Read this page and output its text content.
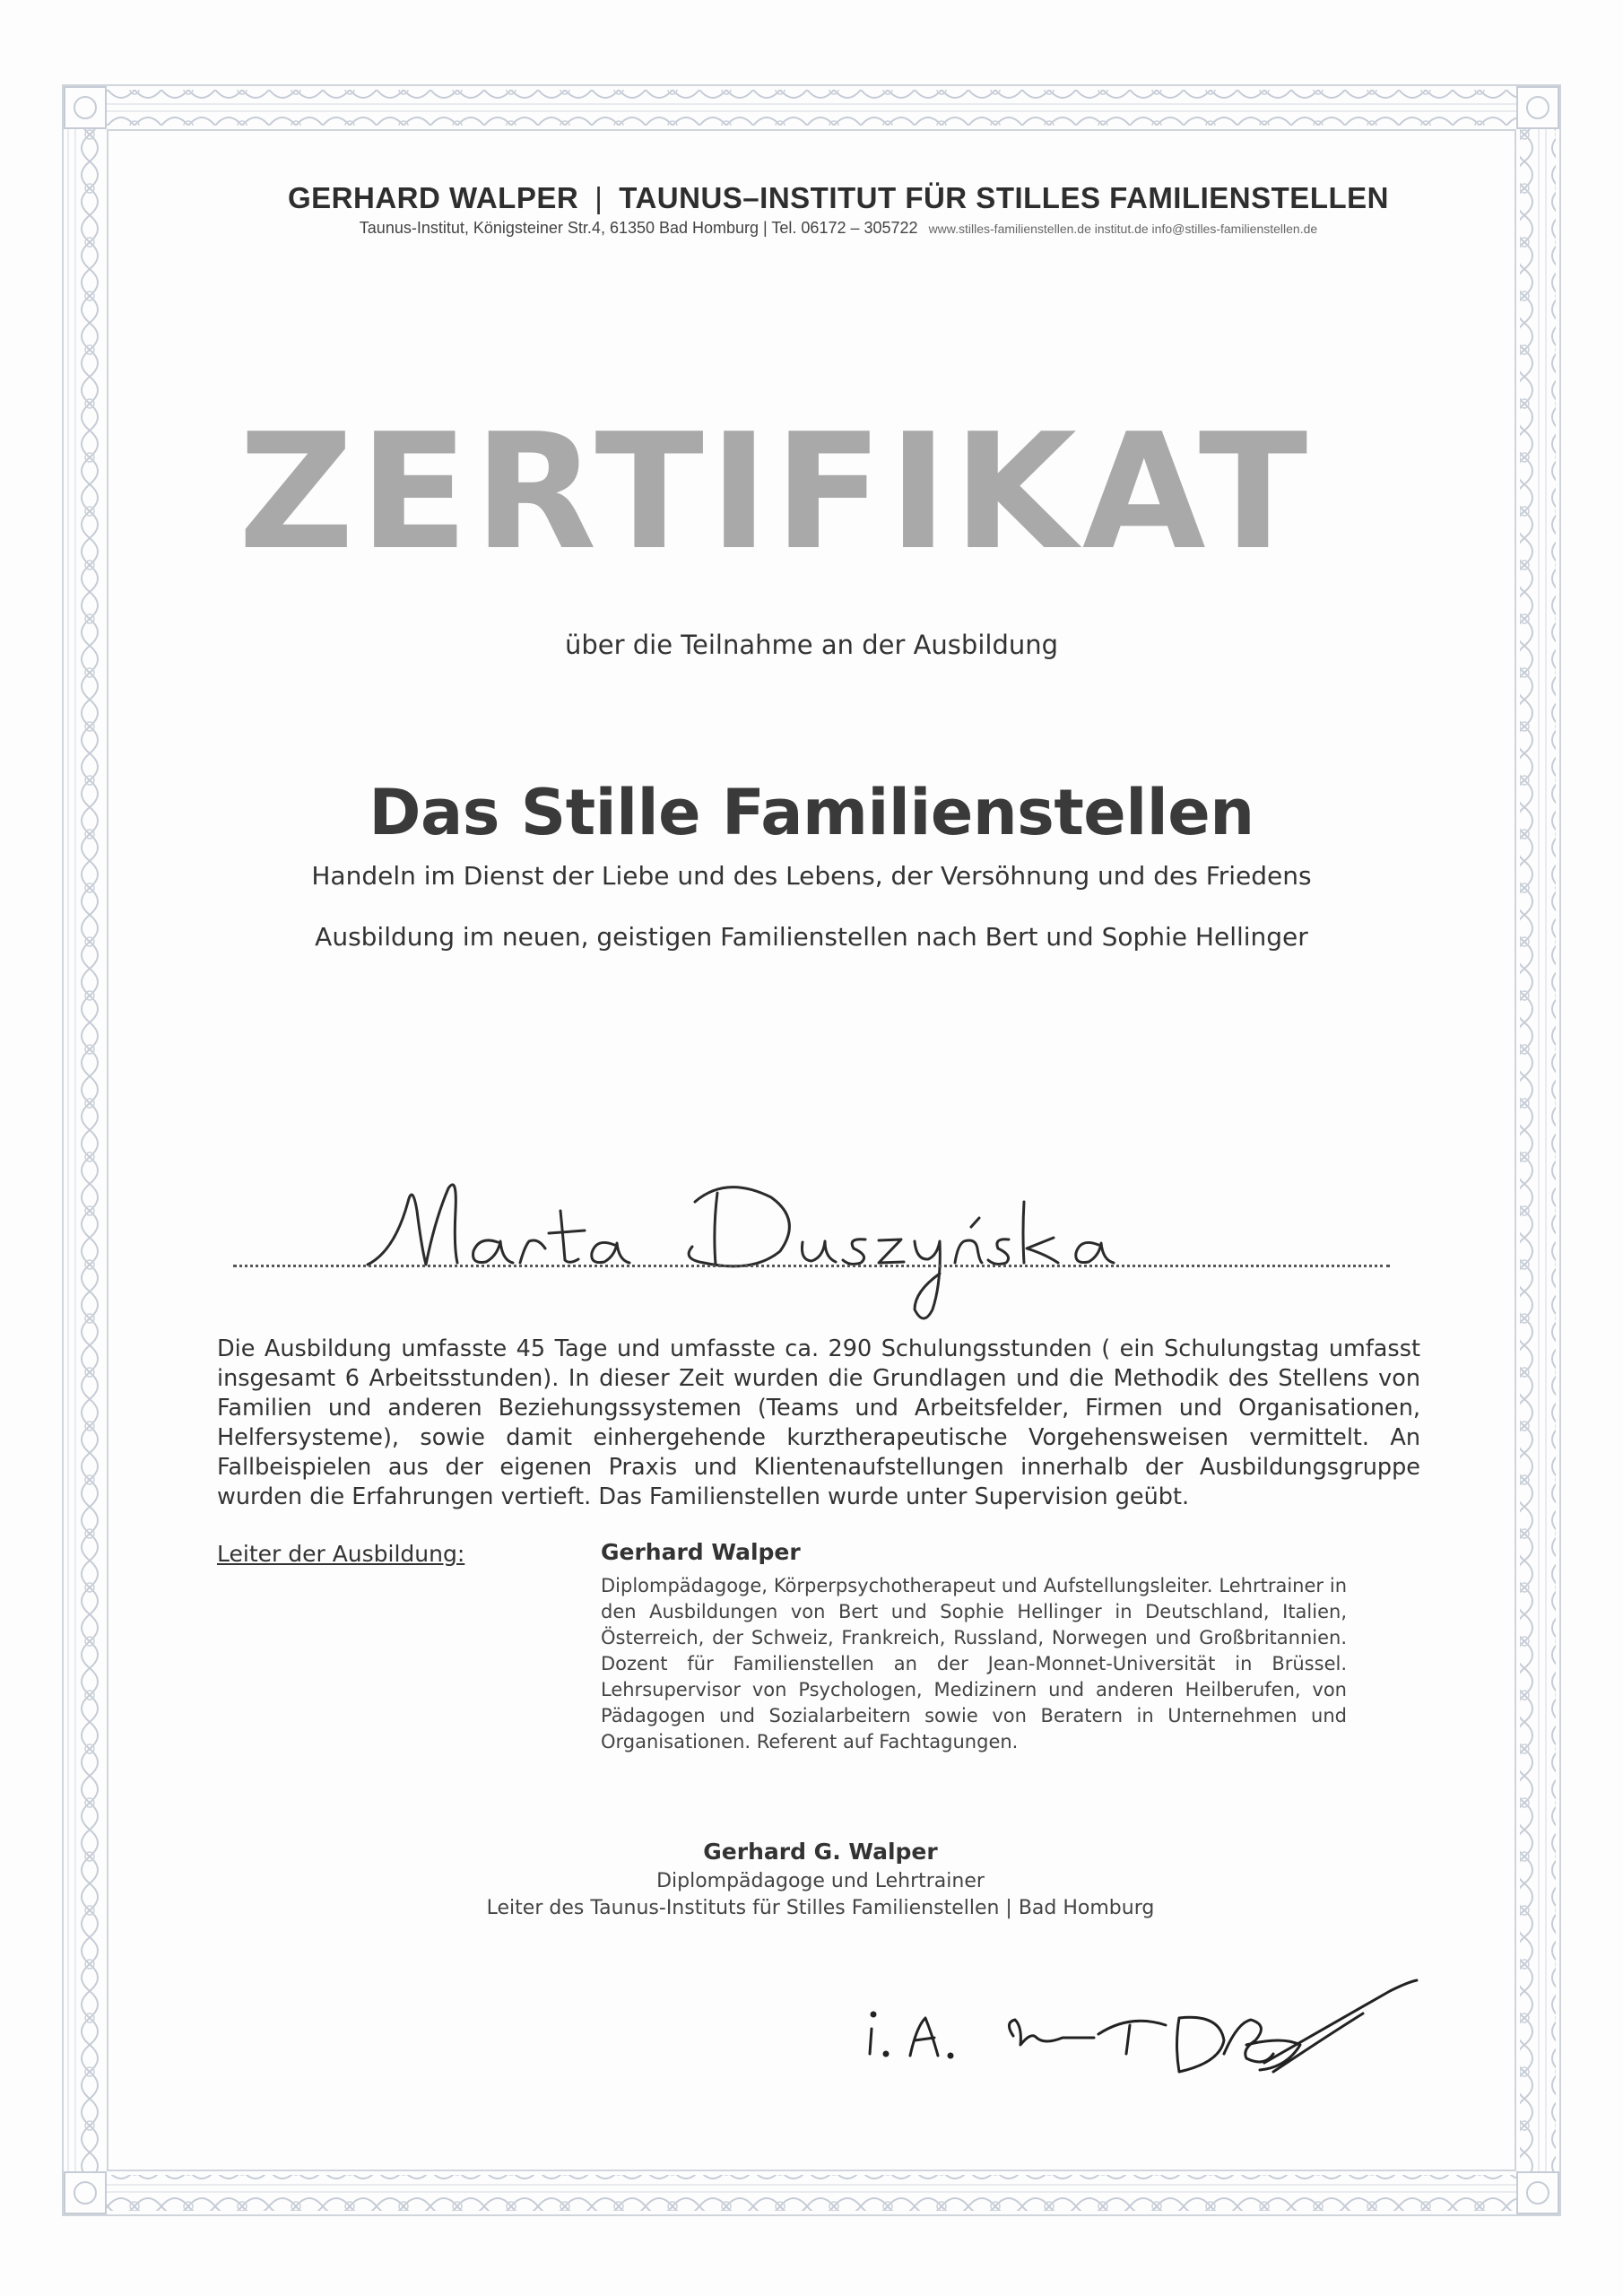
GERHARD WALPER | TAUNUS–INSTITUT FÜR STILLES FAMILIENSTELLEN
Taunus-Institut, Königsteiner Str.4, 61350 Bad Homburg | Tel. 06172 – 305722 www.stilles-familienstellen.de institut.de info@stilles-familienstellen.de
ZERTIFIKAT
über die Teilnahme an der Ausbildung
Das Stille Familienstellen
Handeln im Dienst der Liebe und des Lebens, der Versöhnung und des Friedens
Ausbildung im neuen, geistigen Familienstellen nach Bert und Sophie Hellinger
Die Ausbildung umfasste 45 Tage und umfasste ca. 290 Schulungsstunden ( ein Schulungstag umfasst insgesamt 6 Arbeitsstunden). In dieser Zeit wurden die Grundlagen und die Methodik des Stellens von Familien und anderen Beziehungssystemen (Teams und Arbeitsfelder, Firmen und Organisationen, Helfersysteme), sowie damit einhergehende kurztherapeutische Vorgehensweisen vermittelt. An Fallbeispielen aus der eigenen Praxis und Klientenaufstellungen innerhalb der Ausbildungsgruppe wurden die Erfahrungen vertieft. Das Familienstellen wurde unter Supervision geübt.
Leiter der Ausbildung:	Gerhard Walper
Diplompädagoge, Körperpsychotherapeut und Aufstellungsleiter. Lehrtrainer in den Ausbildungen von Bert und Sophie Hellinger in Deutschland, Italien, Österreich, der Schweiz, Frankreich, Russland, Norwegen und Großbritannien. Dozent für Familienstellen an der Jean-Monnet-Universität in Brüssel. Lehrsupervisor von Psychologen, Medizinern und anderen Heilberufen, von Pädagogen und Sozialarbeitern sowie von Beratern in Unternehmen und Organisationen. Referent auf Fachtagungen.
Gerhard G. Walper
Diplompädagoge und Lehrtrainer
Leiter des Taunus-Instituts für Stilles Familienstellen | Bad Homburg
